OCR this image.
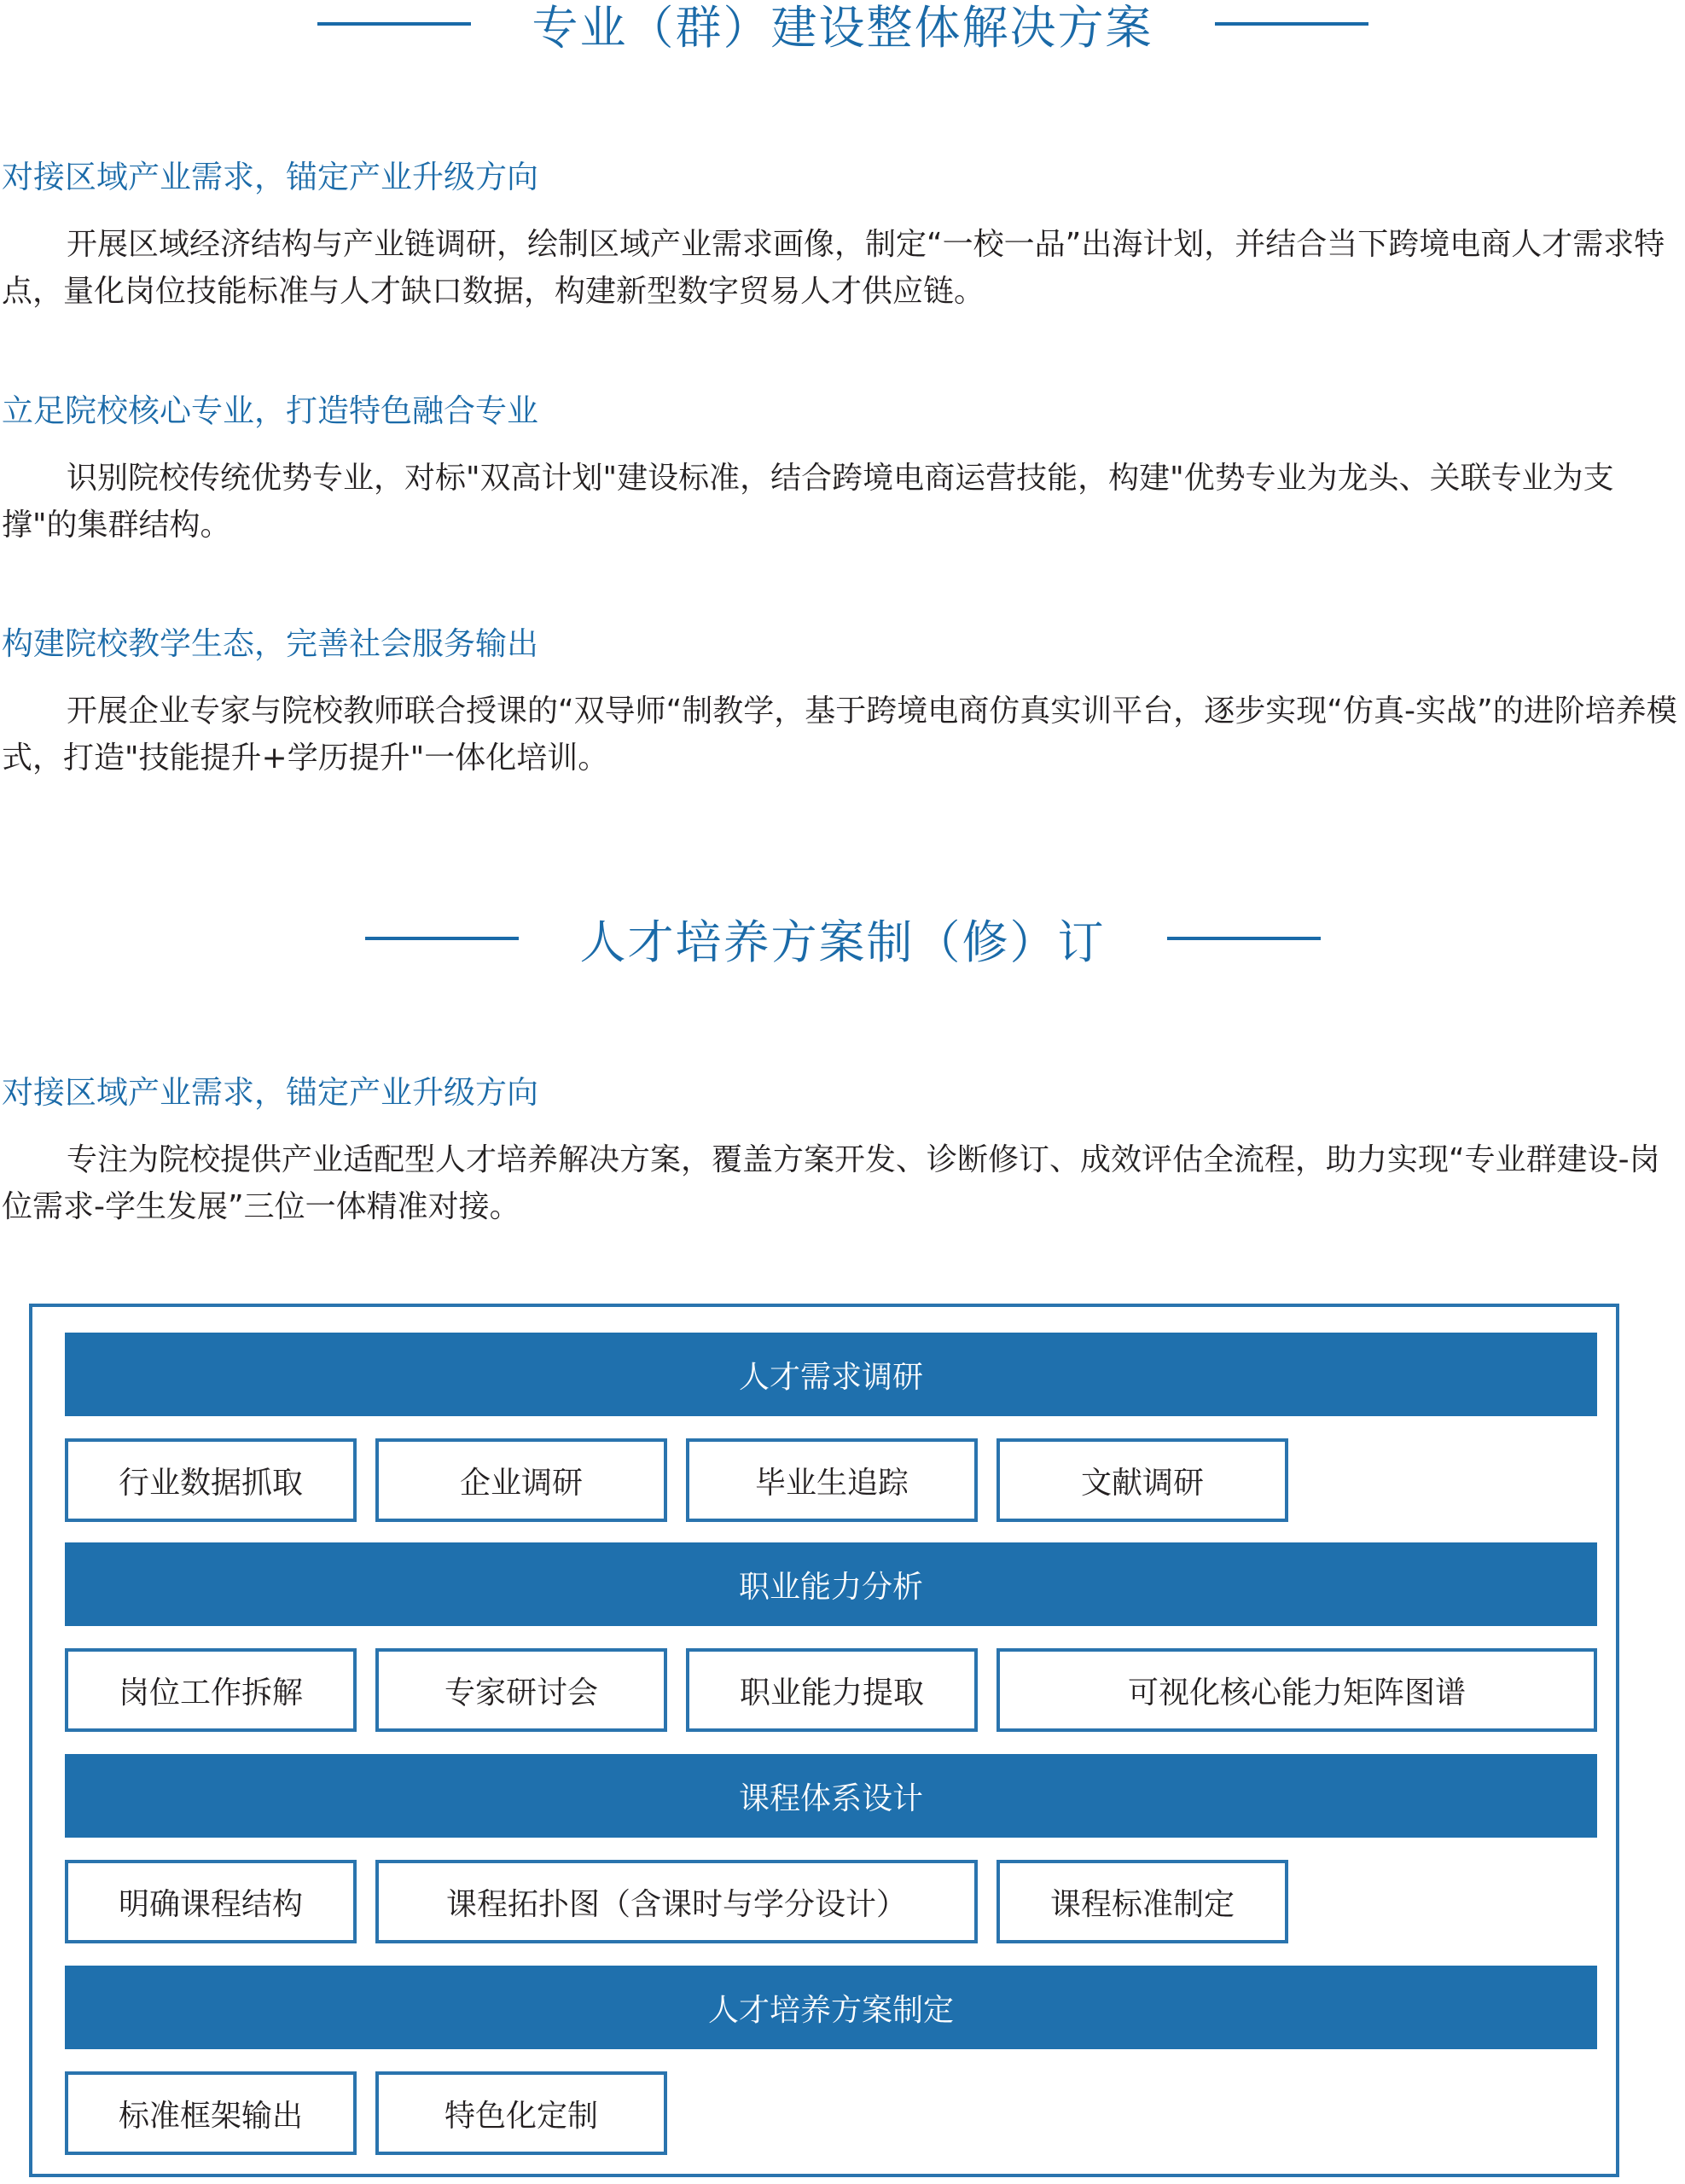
专业（群）建设整体解决方案
对接区域产业需求，锚定产业升级方向

开展区域经济结构与产业链调研，绘制区域产业需求画像，制定“一校一品”出海计划，并结合当下跨境电商人才需求特点，量化岗位技能标准与人才缺口数据，构建新型数字贸易人才供应链。

立足院校核心专业，打造特色融合专业

识别院校传统优势专业，对标"双高计划"建设标准，结合跨境电商运营技能，构建"优势专业为龙头、关联专业为支撑"的集群结构。

构建院校教学生态，完善社会服务输出

开展企业专家与院校教师联合授课的“双导师“制教学，基于跨境电商仿真实训平台，逐步实现“仿真-实战”的进阶培养模式，打造"技能提升+学历提升"一体化培训。

人才培养方案制（修）订
对接区域产业需求，锚定产业升级方向

专注为院校提供产业适配型人才培养解决方案，覆盖方案开发、诊断修订、成效评估全流程，助力实现“专业群建设-岗位需求-学生发展”三位一体精准对接。

人才需求调研
行业数据抓取	企业调研	毕业生追踪	文献调研
职业能力分析
岗位工作拆解	专家研讨会	职业能力提取	可视化核心能力矩阵图谱
课程体系设计
明确课程结构	课程拓扑图（含课时与学分设计）	课程标准制定
人才培养方案制定
标准框架输出	特色化定制
